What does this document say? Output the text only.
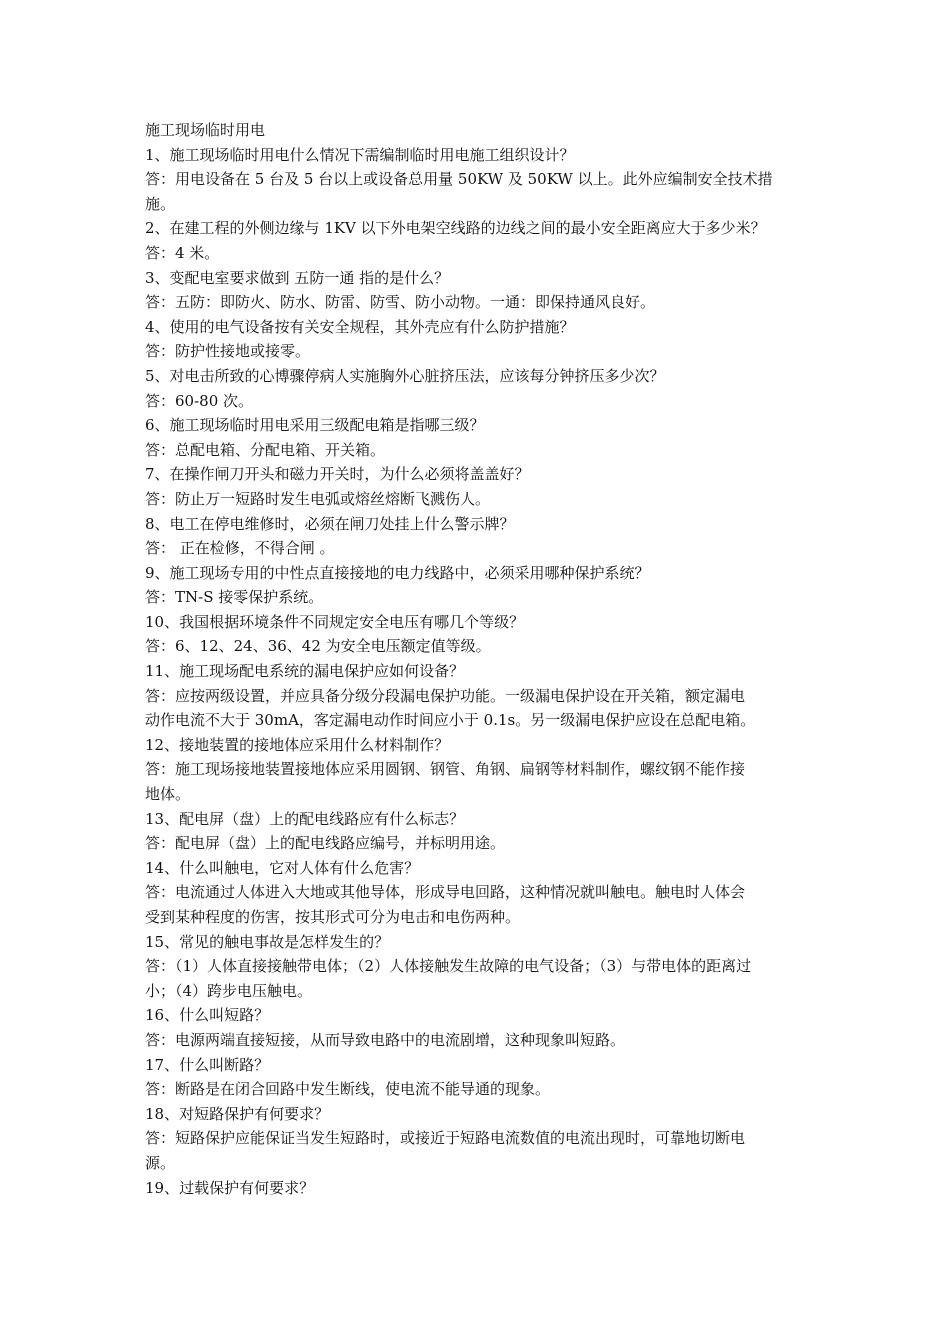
施工现场临时用电

1、施工现场临时用电什么情况下需编制临时用电施工组织设计？

答：用电设备在 5 台及 5 台以上或设备总用量 50KW 及 50KW 以上。此外应编制安全技术措

施。

2、在建工程的外侧边缘与 1KV 以下外电架空线路的边线之间的最小安全距离应大于多少米？

答：4 米。

3、变配电室要求做到 五防一通 指的是什么？

答：五防：即防火、防水、防雷、防雪、防小动物。一通：即保持通风良好。

4、使用的电气设备按有关安全规程，其外壳应有什么防护措施？

答：防护性接地或接零。

5、对电击所致的心博骤停病人实施胸外心脏挤压法，应该每分钟挤压多少次？

答：60-80 次。

6、施工现场临时用电采用三级配电箱是指哪三级？

答：总配电箱、分配电箱、开关箱。

7、在操作闸刀开头和磁力开关时，为什么必须将盖盖好？

答：防止万一短路时发生电弧或熔丝熔断飞溅伤人。

8、电工在停电维修时，必须在闸刀处挂上什么警示牌？

答： 正在检修，不得合闸 。

9、施工现场专用的中性点直接接地的电力线路中，必须采用哪种保护系统？

答：TN-S 接零保护系统。

10、我国根据环境条件不同规定安全电压有哪几个等级？

答：6、12、24、36、42 为安全电压额定值等级。

11、施工现场配电系统的漏电保护应如何设备？

答：应按两级设置，并应具备分级分段漏电保护功能。一级漏电保护设在开关箱，额定漏电

动作电流不大于 30mA，客定漏电动作时间应小于 0.1s。另一级漏电保护应设在总配电箱。

12、接地装置的接地体应采用什么材料制作？

答：施工现场接地装置接地体应采用圆钢、钢管、角钢、扁钢等材料制作，螺纹钢不能作接

地体。

13、配电屏（盘）上的配电线路应有什么标志？

答：配电屏（盘）上的配电线路应编号，并标明用途。

14、什么叫触电，它对人体有什么危害？

答：电流通过人体进入大地或其他导体，形成导电回路，这种情况就叫触电。触电时人体会

受到某种程度的伤害，按其形式可分为电击和电伤两种。

15、常见的触电事故是怎样发生的？

答：（1）人体直接接触带电体；（2）人体接触发生故障的电气设备；（3）与带电体的距离过

小；（4）跨步电压触电。

16、什么叫短路？

答：电源两端直接短接，从而导致电路中的电流剧增，这种现象叫短路。

17、什么叫断路？

答：断路是在闭合回路中发生断线，使电流不能导通的现象。

18、对短路保护有何要求？

答：短路保护应能保证当发生短路时，或接近于短路电流数值的电流出现时，可靠地切断电

源。

19、过载保护有何要求？
